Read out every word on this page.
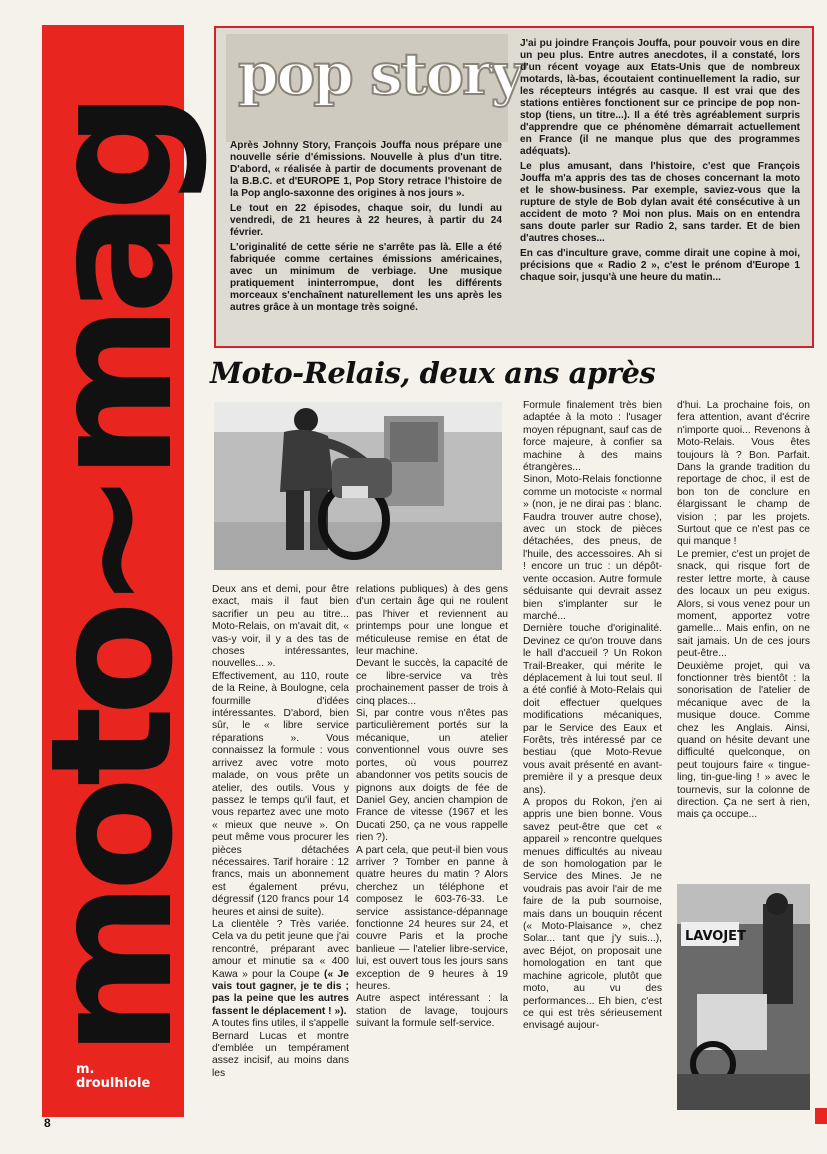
moto~mag
m.
droulhiole
pop story

Après Johnny Story, François Jouffa nous prépare une nouvelle série d'émissions. Nouvelle à plus d'un titre. D'abord, « réalisée à partir de documents provenant de la B.B.C. et d'EUROPE 1, Pop Story retrace l'histoire de la Pop anglo-saxonne des origines à nos jours ».

Le tout en 22 épisodes, chaque soir, du lundi au vendredi, de 21 heures à 22 heures, à partir du 24 février.

L'originalité de cette série ne s'arrête pas là. Elle a été fabriquée comme certaines émissions américaines, avec un minimum de verbiage. Une musique pratiquement ininterrompue, dont les différents morceaux s'enchaînent naturellement les uns après les autres grâce à un montage très soigné.

J'ai pu joindre François Jouffa, pour pouvoir vous en dire un peu plus. Entre autres anecdotes, il a constaté, lors d'un récent voyage aux Etats-Unis que de nombreux motards, là-bas, écoutaient continuellement la radio, sur les récepteurs intégrés au casque. Il est vrai que des stations entières fonctionent sur ce principe de pop non-stop (tiens, un titre...). Il a été très agréablement surpris d'apprendre que ce phénomène démarrait actuellement en France (il ne manque plus que des programmes adéquats).

Le plus amusant, dans l'histoire, c'est que François Jouffa m'a appris des tas de choses concernant la moto et le show-business. Par exemple, saviez-vous que la rupture de style de Bob dylan avait été consécutive à un accident de moto ? Moi non plus. Mais on en entendra sans doute parler sur Radio 2, sans tarder. Et de bien d'autres choses...

En cas d'inculture grave, comme dirait une copine à moi, précisions que « Radio 2 », c'est le prénom d'Europe 1 chaque soir, jusqu'à une heure du matin...

Moto-Relais, deux ans après

Deux ans et demi, pour être exact, mais il faut bien sacrifier un peu au titre... Moto-Relais, on m'avait dit, « vas-y voir, il y a des tas de choses intéressantes, nouvelles... ».

Effectivement, au 110, route de la Reine, à Boulogne, cela fourmille d'idées intéressantes. D'abord, bien sûr, le « libre service réparations ». Vous connaissez la formule : vous arrivez avec votre moto malade, on vous prête un atelier, des outils. Vous y passez le temps qu'il faut, et vous repartez avec une moto « mieux que neuve ». On peut même vous procurer les pièces détachées nécessaires. Tarif horaire : 12 francs, mais un abonnement est également prévu, dégressif (120 francs pour 14 heures et ainsi de suite).

La clientèle ? Très variée. Cela va du petit jeune que j'ai rencontré, préparant avec amour et minutie sa « 400 Kawa » pour la Coupe (« Je vais tout gagner, je te dis ; pas la peine que les autres fassent le déplacement ! »).

A toutes fins utiles, il s'appelle Bernard Lucas et montre d'emblée un tempérament assez incisif, au moins dans les

relations publiques) à des gens d'un certain âge qui ne roulent pas l'hiver et reviennent au printemps pour une longue et méticuleuse remise en état de leur machine.

Devant le succès, la capacité de ce libre-service va très prochainement passer de trois à cinq places...

Si, par contre vous n'êtes pas particulièrement portés sur la mécanique, un atelier conventionnel vous ouvre ses portes, où vous pourrez abandonner vos petits soucis de pignons aux doigts de fée de Daniel Gey, ancien champion de France de vitesse (1967 et les Ducati 250, ça ne vous rappelle rien ?).

A part cela, que peut-il bien vous arriver ? Tomber en panne à quatre heures du matin ? Alors cherchez un téléphone et composez le 603-76-33. Le service assistance-dépannage fonctionne 24 heures sur 24, et couvre Paris et la proche banlieue — l'atelier libre-service, lui, est ouvert tous les jours sans exception de 9 heures à 19 heures.

Autre aspect intéressant : la station de lavage, toujours suivant la formule self-service.

Formule finalement très bien adaptée à la moto : l'usager moyen répugnant, sauf cas de force majeure, à confier sa machine à des mains étrangères...

Sinon, Moto-Relais fonctionne comme un motociste « normal » (non, je ne dirai pas : blanc. Faudra trouver autre chose), avec un stock de pièces détachées, des pneus, de l'huile, des accessoires. Ah si ! encore un truc : un dépôt-vente occasion. Autre formule séduisante qui devrait assez bien s'implanter sur le marché...

Dernière touche d'originalité. Devinez ce qu'on trouve dans le hall d'accueil ? Un Rokon Trail-Breaker, qui mérite le déplacement à lui tout seul. Il a été confié à Moto-Relais qui doit effectuer quelques modifications mécaniques, par le Service des Eaux et Forêts, très intéressé par ce bestiau (que Moto-Revue vous avait présenté en avant-première il y a presque deux ans).

A propos du Rokon, j'en ai appris une bien bonne. Vous savez peut-être que cet « appareil » rencontre quelques menues difficultés au niveau de son homologation par le Service des Mines. Je ne voudrais pas avoir l'air de me faire de la pub sournoise, mais dans un bouquin récent (« Moto-Plaisance », chez Solar... tant que j'y suis...), avec Béjot, on proposait une homologation en tant que machine agricole, plutôt que moto, au vu des performances... Eh bien, c'est ce qui est très sérieusement envisagé aujour-

d'hui. La prochaine fois, on fera attention, avant d'écrire n'importe quoi... Revenons à Moto-Relais. Vous êtes toujours là ? Bon. Parfait. Dans la grande tradition du reportage de choc, il est de bon ton de conclure en élargissant le champ de vision ; par les projets. Surtout que ce n'est pas ce qui manque !

Le premier, c'est un projet de snack, qui risque fort de rester lettre morte, à cause des locaux un peu exigus. Alors, si vous venez pour un moment, apportez votre gamelle... Mais enfin, on ne sait jamais. Un de ces jours peut-être...

Deuxième projet, qui va fonctionner très bientôt : la sonorisation de l'atelier de mécanique avec de la musique douce. Comme chez les Anglais. Ainsi, quand on hésite devant une difficulté quelconque, on peut toujours faire « tingue-ling, tin-gue-ling ! » avec le tournevis, sur la colonne de direction. Ça ne sert à rien, mais ça occupe...

LAVOJET
8
